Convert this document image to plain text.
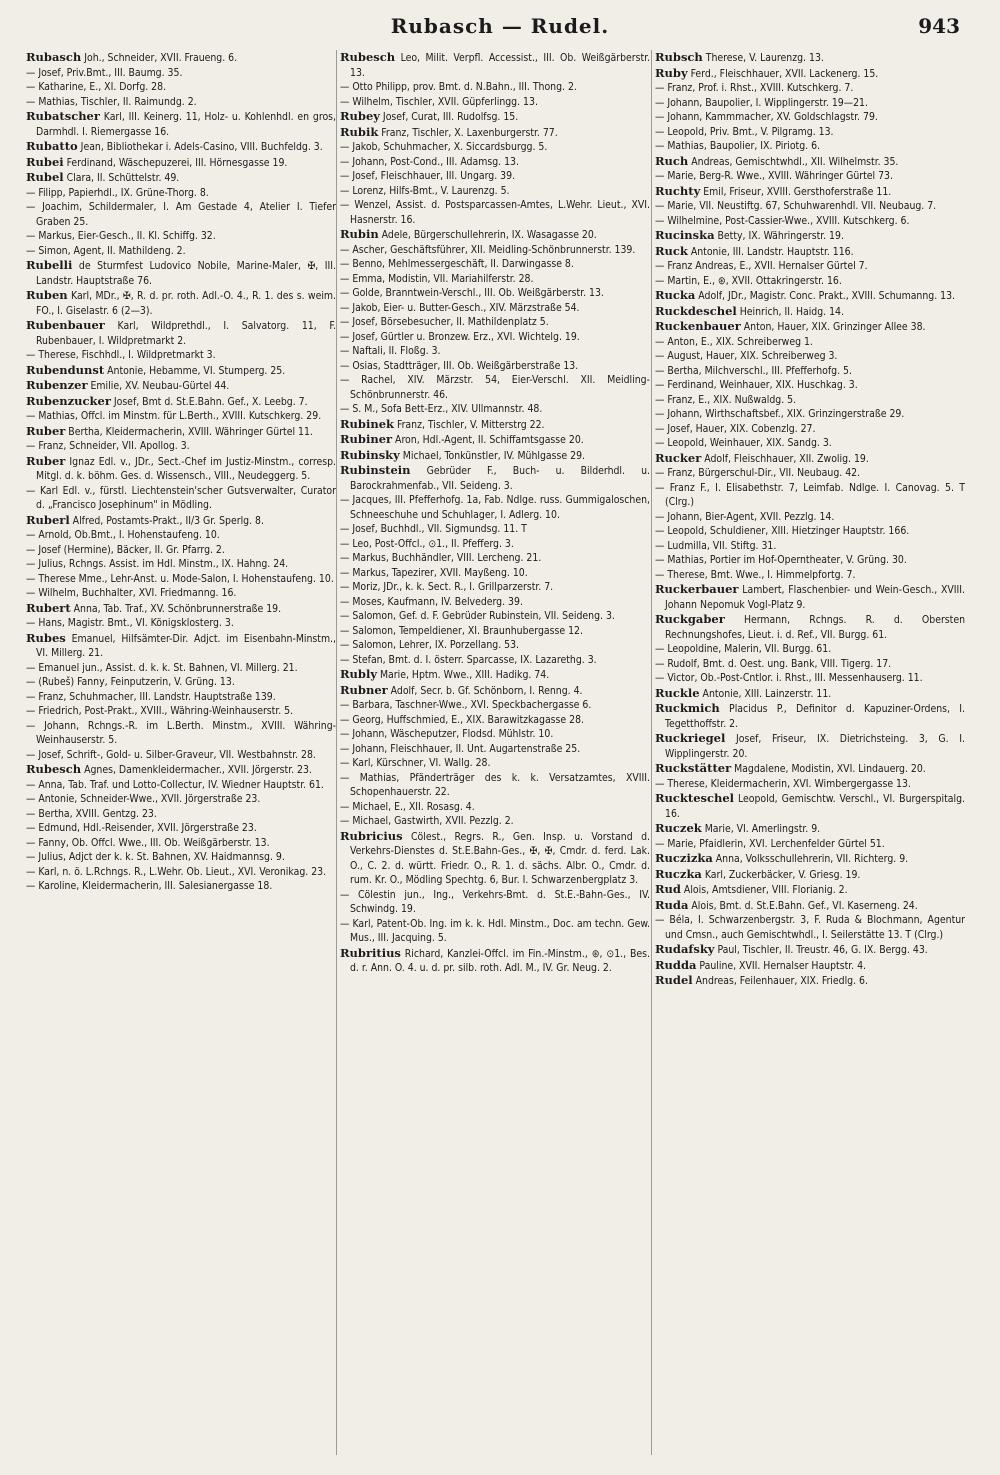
Rubasch — Rudel.	943

Rubasch Joh., Schneider, XVII. Fraueng. 6.

— Josef, Priv.Bmt., III. Baumg. 35.

— Katharine, E., XI. Dorfg. 28.

— Mathias, Tischler, II. Raimundg. 2.

Rubatscher Karl, III. Keinerg. 11, Holz- u. Kohlenhdl. en gros, Darmhdl. I. Riemergasse 16.

Rubatto Jean, Bibliothekar i. Adels-Casino, VIII. Buchfeldg. 3.

Rubei Ferdinand, Wäschepuzerei, III. Hörnesgasse 19.

Rubel Clara, II. Schüttelstr. 49.

— Filipp, Papierhdl., IX. Grüne-Thorg. 8.

— Joachim, Schildermaler, I. Am Gestade 4, Atelier I. Tiefer Graben 25.

— Markus, Eier-Gesch., II. Kl. Schiffg. 32.

— Simon, Agent, II. Mathildeng. 2.

Rubelli de Sturmfest Ludovico Nobile, Marine-Maler, ✠, III. Landstr. Hauptstraße 76.

Ruben Karl, MDr., ✠, R. d. pr. roth. Adl.-O. 4., R. 1. des s. weim. FO., I. Giselastr. 6 (2—3).

Rubenbauer Karl, Wildprethdl., I. Salvatorg. 11, F. Rubenbauer, I. Wildpretmarkt 2.

— Therese, Fischhdl., I. Wildpretmarkt 3.

Rubendunst Antonie, Hebamme, VI. Stumperg. 25.

Rubenzer Emilie, XV. Neubau-Gürtel 44.

Rubenzucker Josef, Bmt d. St.E.Bahn. Gef., X. Leebg. 7.

— Mathias, Offcl. im Minstm. für L.Berth., XVIII. Kutschkerg. 29.

Ruber Bertha, Kleidermacherin, XVIII. Währinger Gürtel 11.

— Franz, Schneider, VII. Apollog. 3.

Ruber Ignaz Edl. v., JDr., Sect.-Chef im Justiz-Minstm., corresp. Mitgl. d. k. böhm. Ges. d. Wissensch., VIII., Neudeggerg. 5.

— Karl Edl. v., fürstl. Liechtenstein'scher Gutsverwalter, Curator d. „Francisco Josephinum" in Mödling.

Ruberl Alfred, Postamts-Prakt., II/3 Gr. Sperlg. 8.

— Arnold, Ob.Bmt., I. Hohenstaufeng. 10.

— Josef (Hermine), Bäcker, II. Gr. Pfarrg. 2.

— Julius, Rchngs. Assist. im Hdl. Minstm., IX. Hahng. 24.

— Therese Mme., Lehr-Anst. u. Mode-Salon, I. Hohenstaufeng. 10.

— Wilhelm, Buchhalter, XVI. Friedmanng. 16.

Rubert Anna, Tab. Traf., XV. Schönbrunnerstraße 19.

— Hans, Magistr. Bmt., VI. Königsklosterg. 3.

Rubes Emanuel, Hilfsämter-Dir. Adjct. im Eisenbahn-Minstm., VI. Millerg. 21.

— Emanuel jun., Assist. d. k. k. St. Bahnen, VI. Millerg. 21.

— (Rubeš) Fanny, Feinputzerin, V. Grüng. 13.

— Franz, Schuhmacher, III. Landstr. Hauptstraße 139.

— Friedrich, Post-Prakt., XVIII., Währing-Weinhauserstr. 5.

— Johann, Rchngs.-R. im L.Berth. Minstm., XVIII. Währing-Weinhauserstr. 5.

— Josef, Schrift-, Gold- u. Silber-Graveur, VII. Westbahnstr. 28.

Rubesch Agnes, Damenkleidermacher., XVII. Jörgerstr. 23.

— Anna, Tab. Traf. und Lotto-Collectur, IV. Wiedner Hauptstr. 61.

— Antonie, Schneider-Wwe., XVII. Jörgerstraße 23.

— Bertha, XVIII. Gentzg. 23.

— Edmund, Hdl.-Reisender, XVII. Jörgerstraße 23.

— Fanny, Ob. Offcl. Wwe., III. Ob. Weißgärberstr. 13.

— Julius, Adjct der k. k. St. Bahnen, XV. Haidmannsg. 9.

— Karl, n. ö. L.Rchngs. R., L.Wehr. Ob. Lieut., XVI. Veronikag. 23.

— Karoline, Kleidermacherin, III. Salesianergasse 18.

Rubesch Leo, Milit. Verpfl. Accessist., III. Ob. Weißgärberstr. 13.

— Otto Philipp, prov. Bmt. d. N.Bahn., III. Thong. 2.

— Wilhelm, Tischler, XVII. Güpferlingg. 13.

Rubey Josef, Curat, III. Rudolfsg. 15.

Rubik Franz, Tischler, X. Laxenburgerstr. 77.

— Jakob, Schuhmacher, X. Siccardsburgg. 5.

— Johann, Post-Cond., III. Adamsg. 13.

— Josef, Fleischhauer, III. Ungarg. 39.

— Lorenz, Hilfs-Bmt., V. Laurenzg. 5.

— Wenzel, Assist. d. Postsparcassen-Amtes, L.Wehr. Lieut., XVI. Hasnerstr. 16.

Rubin Adele, Bürgerschullehrerin, IX. Wasagasse 20.

— Ascher, Geschäftsführer, XII. Meidling-Schönbrunnerstr. 139.

— Benno, Mehlmessergeschäft, II. Darwingasse 8.

— Emma, Modistin, VII. Mariahilferstr. 28.

— Golde, Branntwein-Verschl., III. Ob. Weißgärberstr. 13.

— Jakob, Eier- u. Butter-Gesch., XIV. Märzstraße 54.

— Josef, Börsebesucher, II. Mathildenplatz 5.

— Josef, Gürtler u. Bronzew. Erz., XVI. Wichtelg. 19.

— Naftali, II. Floßg. 3.

— Osias, Stadtträger, III. Ob. Weißgärberstraße 13.

— Rachel, XIV. Märzstr. 54, Eier-Verschl. XII. Meidling-Schönbrunnerstr. 46.

— S. M., Sofa Bett-Erz., XIV. Ullmannstr. 48.

Rubinek Franz, Tischler, V. Mitterstrg 22.

Rubiner Aron, Hdl.-Agent, II. Schiffamtsgasse 20.

Rubinsky Michael, Tonkünstler, IV. Mühlgasse 29.

Rubinstein Gebrüder F., Buch- u. Bilderhdl. u. Barockrahmenfab., VII. Seideng. 3.

— Jacques, III. Pfefferhofg. 1a, Fab. Ndlge. russ. Gummigaloschen, Schneeschuhe und Schuhlager, I. Adlerg. 10.

— Josef, Buchhdl., VII. Sigmundsg. 11. T

— Leo, Post-Offcl., ⊙1., II. Pfefferg. 3.

— Markus, Buchhändler, VIII. Lercheng. 21.

— Markus, Tapezirer, XVII. Mayßeng. 10.

— Moriz, JDr., k. k. Sect. R., I. Grillparzerstr. 7.

— Moses, Kaufmann, IV. Belvederg. 39.

— Salomon, Gef. d. F. Gebrüder Rubinstein, VII. Seideng. 3.

— Salomon, Tempeldiener, XI. Braunhubergasse 12.

— Salomon, Lehrer, IX. Porzellang. 53.

— Stefan, Bmt. d. I. österr. Sparcasse, IX. Lazarethg. 3.

Rubly Marie, Hptm. Wwe., XIII. Hadikg. 74.

Rubner Adolf, Secr. b. Gf. Schönborn, I. Renng. 4.

— Barbara, Taschner-Wwe., XVI. Speckbachergasse 6.

— Georg, Huffschmied, E., XIX. Barawitzkagasse 28.

— Johann, Wäscheputzer, Flodsd. Mühlstr. 10.

— Johann, Fleischhauer, II. Unt. Augartenstraße 25.

— Karl, Kürschner, VI. Wallg. 28.

— Mathias, Pfänderträger des k. k. Versatzamtes, XVIII. Schopenhauerstr. 22.

— Michael, E., XII. Rosasg. 4.

— Michael, Gastwirth, XVII. Pezzlg. 2.

Rubricius Cölest., Regrs. R., Gen. Insp. u. Vorstand d. Verkehrs-Dienstes d. St.E.Bahn-Ges., ✠, ✠, Cmdr. d. ferd. Lak. O., C. 2. d. württ. Friedr. O., R. 1. d. sächs. Albr. O., Cmdr. d. rum. Kr. O., Mödling Spechtg. 6, Bur. I. Schwarzenbergplatz 3.

— Cölestin jun., Ing., Verkehrs-Bmt. d. St.E.-Bahn-Ges., IV. Schwindg. 19.

— Karl, Patent-Ob. Ing. im k. k. Hdl. Minstm., Doc. am techn. Gew. Mus., III. Jacquing. 5.

Rubritius Richard, Kanzlei-Offcl. im Fin.-Minstm., ⊛, ⊙1., Bes. d. r. Ann. O. 4. u. d. pr. silb. roth. Adl. M., IV. Gr. Neug. 2.

Rubsch Therese, V. Laurenzg. 13.

Ruby Ferd., Fleischhauer, XVII. Lackenerg. 15.

— Franz, Prof. i. Rhst., XVIII. Kutschkerg. 7.

— Johann, Baupolier, I. Wipplingerstr. 19—21.

— Johann, Kammmacher, XV. Goldschlagstr. 79.

— Leopold, Priv. Bmt., V. Pilgramg. 13.

— Mathias, Baupolier, IX. Piriotg. 6.

Ruch Andreas, Gemischtwhdl., XII. Wilhelmstr. 35.

— Marie, Berg-R. Wwe., XVIII. Währinger Gürtel 73.

Ruchty Emil, Friseur, XVIII. Gersthoferstraße 11.

— Marie, VII. Neustiftg. 67, Schuhwarenhdl. VII. Neubaug. 7.

— Wilhelmine, Post-Cassier-Wwe., XVIII. Kutschkerg. 6.

Rucinska Betty, IX. Währingerstr. 19.

Ruck Antonie, III. Landstr. Hauptstr. 116.

— Franz Andreas, E., XVII. Hernalser Gürtel 7.

— Martin, E., ⊛, XVII. Ottakringerstr. 16.

Rucka Adolf, JDr., Magistr. Conc. Prakt., XVIII. Schumanng. 13.

Ruckdeschel Heinrich, II. Haidg. 14.

Ruckenbauer Anton, Hauer, XIX. Grinzinger Allee 38.

— Anton, E., XIX. Schreiberweg 1.

— August, Hauer, XIX. Schreiberweg 3.

— Bertha, Milchverschl., III. Pfefferhofg. 5.

— Ferdinand, Weinhauer, XIX. Huschkag. 3.

— Franz, E., XIX. Nußwaldg. 5.

— Johann, Wirthschaftsbef., XIX. Grinzingerstraße 29.

— Josef, Hauer, XIX. Cobenzlg. 27.

— Leopold, Weinhauer, XIX. Sandg. 3.

Rucker Adolf, Fleischhauer, XII. Zwolig. 19.

— Franz, Bürgerschul-Dir., VII. Neubaug. 42.

— Franz F., I. Elisabethstr. 7, Leimfab. Ndlge. I. Canovag. 5. T (Clrg.)

— Johann, Bier-Agent, XVII. Pezzlg. 14.

— Leopold, Schuldiener, XIII. Hietzinger Hauptstr. 166.

— Ludmilla, VII. Stiftg. 31.

— Mathias, Portier im Hof-Operntheater, V. Grüng. 30.

— Therese, Bmt. Wwe., I. Himmelpfortg. 7.

Ruckerbauer Lambert, Flaschenbier- und Wein-Gesch., XVIII. Johann Nepomuk Vogl-Platz 9.

Ruckgaber Hermann, Rchngs. R. d. Obersten Rechnungshofes, Lieut. i. d. Ref., VII. Burgg. 61.

— Leopoldine, Malerin, VII. Burgg. 61.

— Rudolf, Bmt. d. Oest. ung. Bank, VIII. Tigerg. 17.

— Victor, Ob.-Post-Cntlor. i. Rhst., III. Messenhauserg. 11.

Ruckle Antonie, XIII. Lainzerstr. 11.

Ruckmich Placidus P., Definitor d. Kapuziner-Ordens, I. Tegetthoffstr. 2.

Ruckriegel Josef, Friseur, IX. Dietrichsteing. 3, G. I. Wipplingerstr. 20.

Ruckstätter Magdalene, Modistin, XVI. Lindauerg. 20.

— Therese, Kleidermacherin, XVI. Wimbergergasse 13.

Ruckteschel Leopold, Gemischtw. Verschl., VI. Burgerspitalg. 16.

Ruczek Marie, VI. Amerlingstr. 9.

— Marie, Pfaidlerin, XVI. Lerchenfelder Gürtel 51.

Ruczizka Anna, Volksschullehrerin, VII. Richterg. 9.

Ruczka Karl, Zuckerbäcker, V. Griesg. 19.

Rud Alois, Amtsdiener, VIII. Florianig. 2.

Ruda Alois, Bmt. d. St.E.Bahn. Gef., VI. Kaserneng. 24.

— Béla, I. Schwarzenbergstr. 3, F. Ruda & Blochmann, Agentur und Cmsn., auch Gemischtwhdl., I. Seilerstätte 13. T (Clrg.)

Rudafsky Paul, Tischler, II. Treustr. 46, G. IX. Bergg. 43.

Rudda Pauline, XVII. Hernalser Hauptstr. 4.

Rudel Andreas, Feilenhauer, XIX. Friedlg. 6.
